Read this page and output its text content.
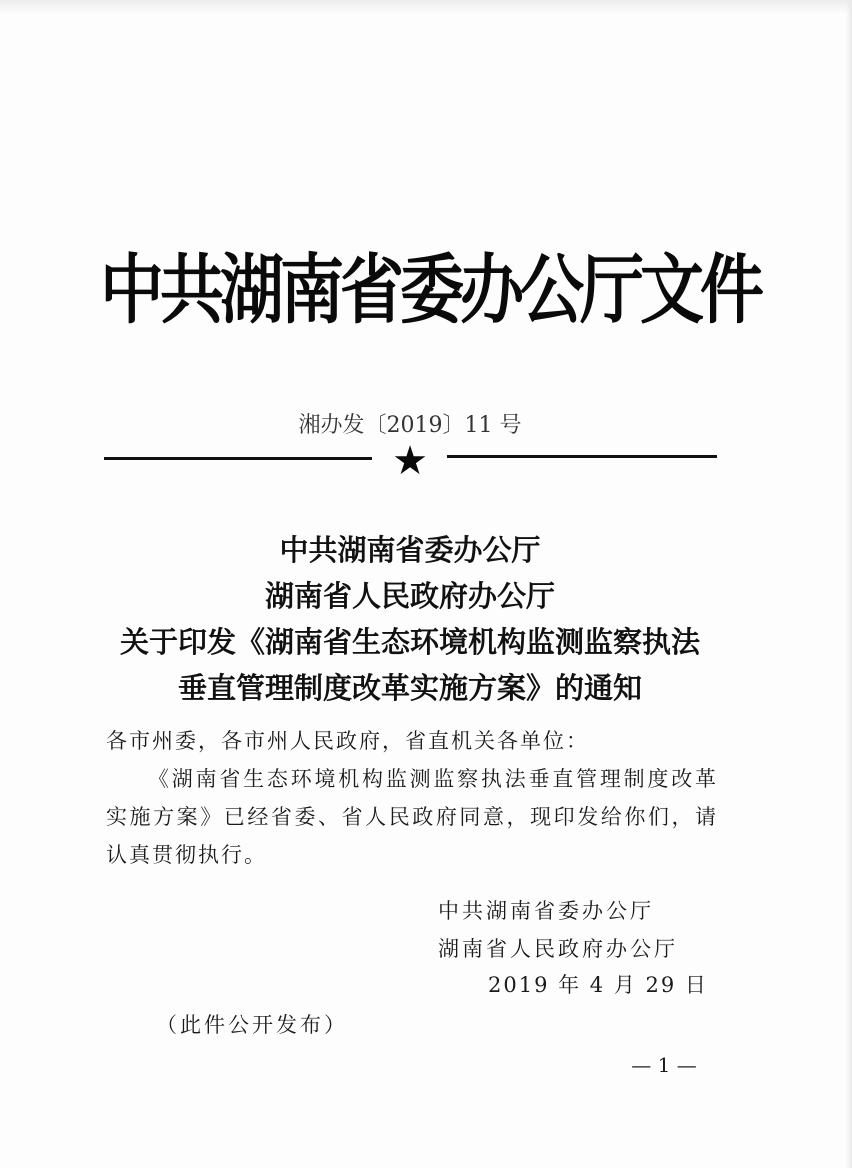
中共湖南省委办公厅文件
湘办发〔2019〕11 号
★
中共湖南省委办公厅
湖南省人民政府办公厅
关于印发《湖南省生态环境机构监测监察执法
垂直管理制度改革实施方案》的通知
各市州委，各市州人民政府，省直机关各单位：
《湖南省生态环境机构监测监察执法垂直管理制度改革实施方案》已经省委、省人民政府同意，现印发给你们，请认真贯彻执行。
中共湖南省委办公厅
湖南省人民政府办公厅
2019 年 4 月 29 日
（此件公开发布）
— 1 —
